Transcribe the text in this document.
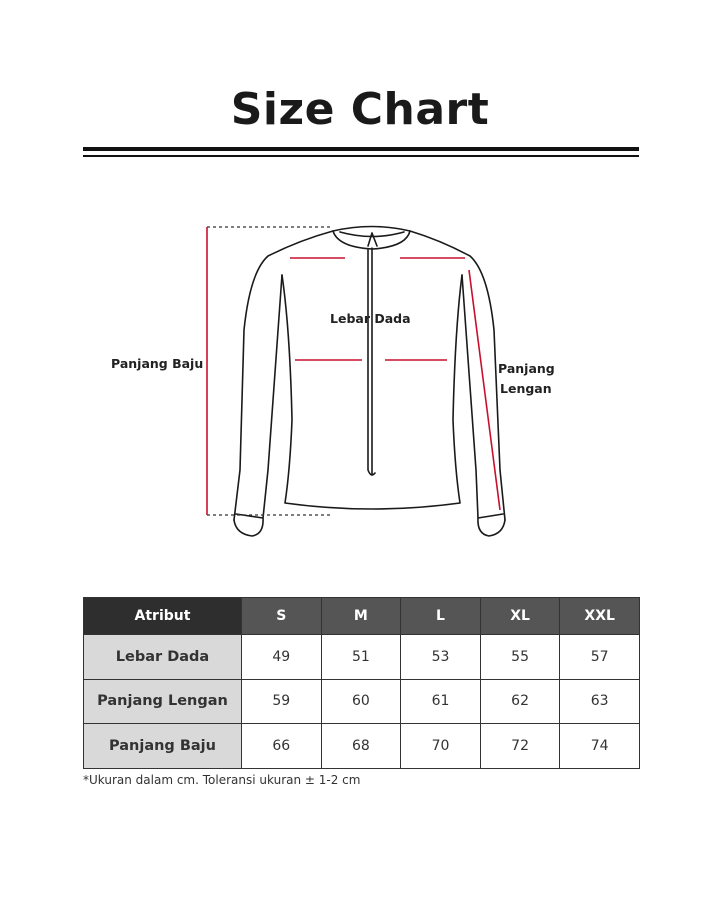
Size Chart
Panjang Baju
Lebar Dada
Panjang
Lengan
Atribut	S	M	L	XL	XXL
Lebar Dada	49	51	53	55	57
Panjang Lengan	59	60	61	62	63
Panjang Baju	66	68	70	72	74
*Ukuran dalam cm. Toleransi ukuran ± 1-2 cm
